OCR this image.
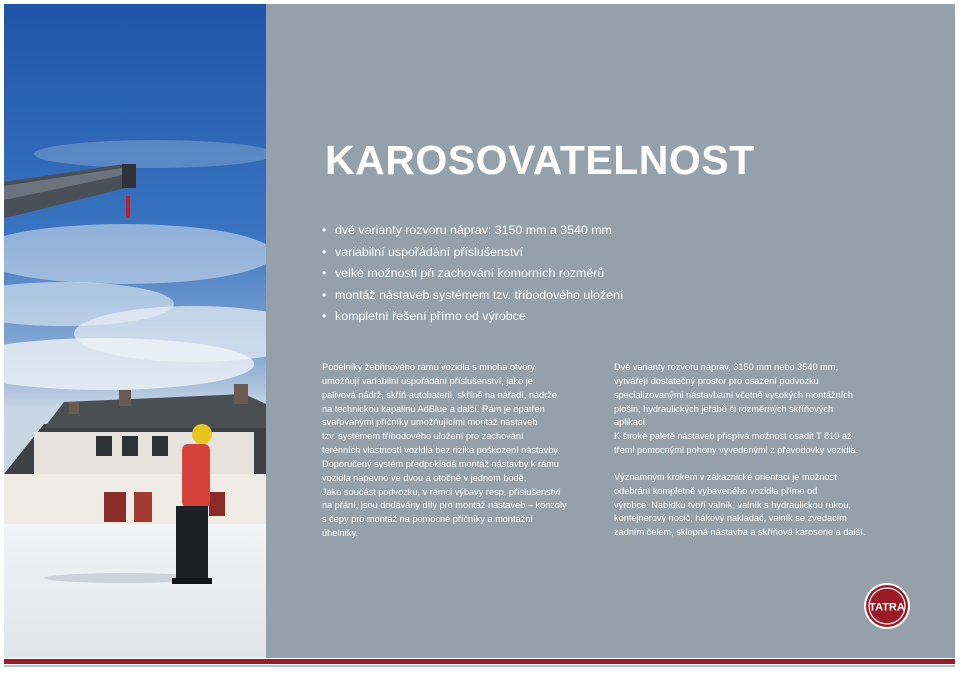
KAROSOVATELNOST
• dvě varianty rozvoru náprav: 3150 mm a 3540 mm
• variabilní uspořádání příslušenství
• velké možnosti při zachování komorních rozměrů
• montáž nástaveb systémem tzv. tříbodového uložení
• kompletní řešení přímo od výrobce
Podélníky žebřinového rámu vozidla s mnoha otvory
umožňují variabilní uspořádání příslušenství, jako je
palivová nádrž, skříň autobaterií, skříně na nářadí, nádrže
na technickou kapalinu AdBlue a další. Rám je opatřen
svařovanými příčníky umožňujícími montáž nástaveb
tzv. systémem tříbodového uložení pro zachování
terénních vlastností vozidla bez rizika poškození nástavby.
Doporučený systém předpokládá montáž nástavby k rámu
vozidla napevno ve dvou a otočně v jednom bodě.
Jako součást podvozku, v rámci výbavy resp. příslušenství
na přání, jsou dodávány díly pro montáž nástaveb – konzoly
s čepy pro montáž na pomocné příčníky a montážní
úhelníky.
Dvě varianty rozvoru náprav, 3150 mm nebo 3540 mm,
vytvářejí dostatečný prostor pro osazení podvozku
specializovanými nástavbami včetně vysokých montážních
plošin, hydraulických jeřábů či rozměrných skříňových
aplikací.
K široké paletě nástaveb přispívá možnost osadit T 810 až
třemi pomocnými pohony vyvedenými z převodovky vozidla.
Významným krokem v zákaznické orientaci je možnost
odebrání kompletně vybaveného vozidla přímo od
výrobce. Nabídku tvoří valník, valník s hydraulickou rukou,
kontejnerový nosič, hákový nakladač, valník se zvedacím
zadním čelem, sklopná nástavba a skříňová karoserie a další.
TATRA
